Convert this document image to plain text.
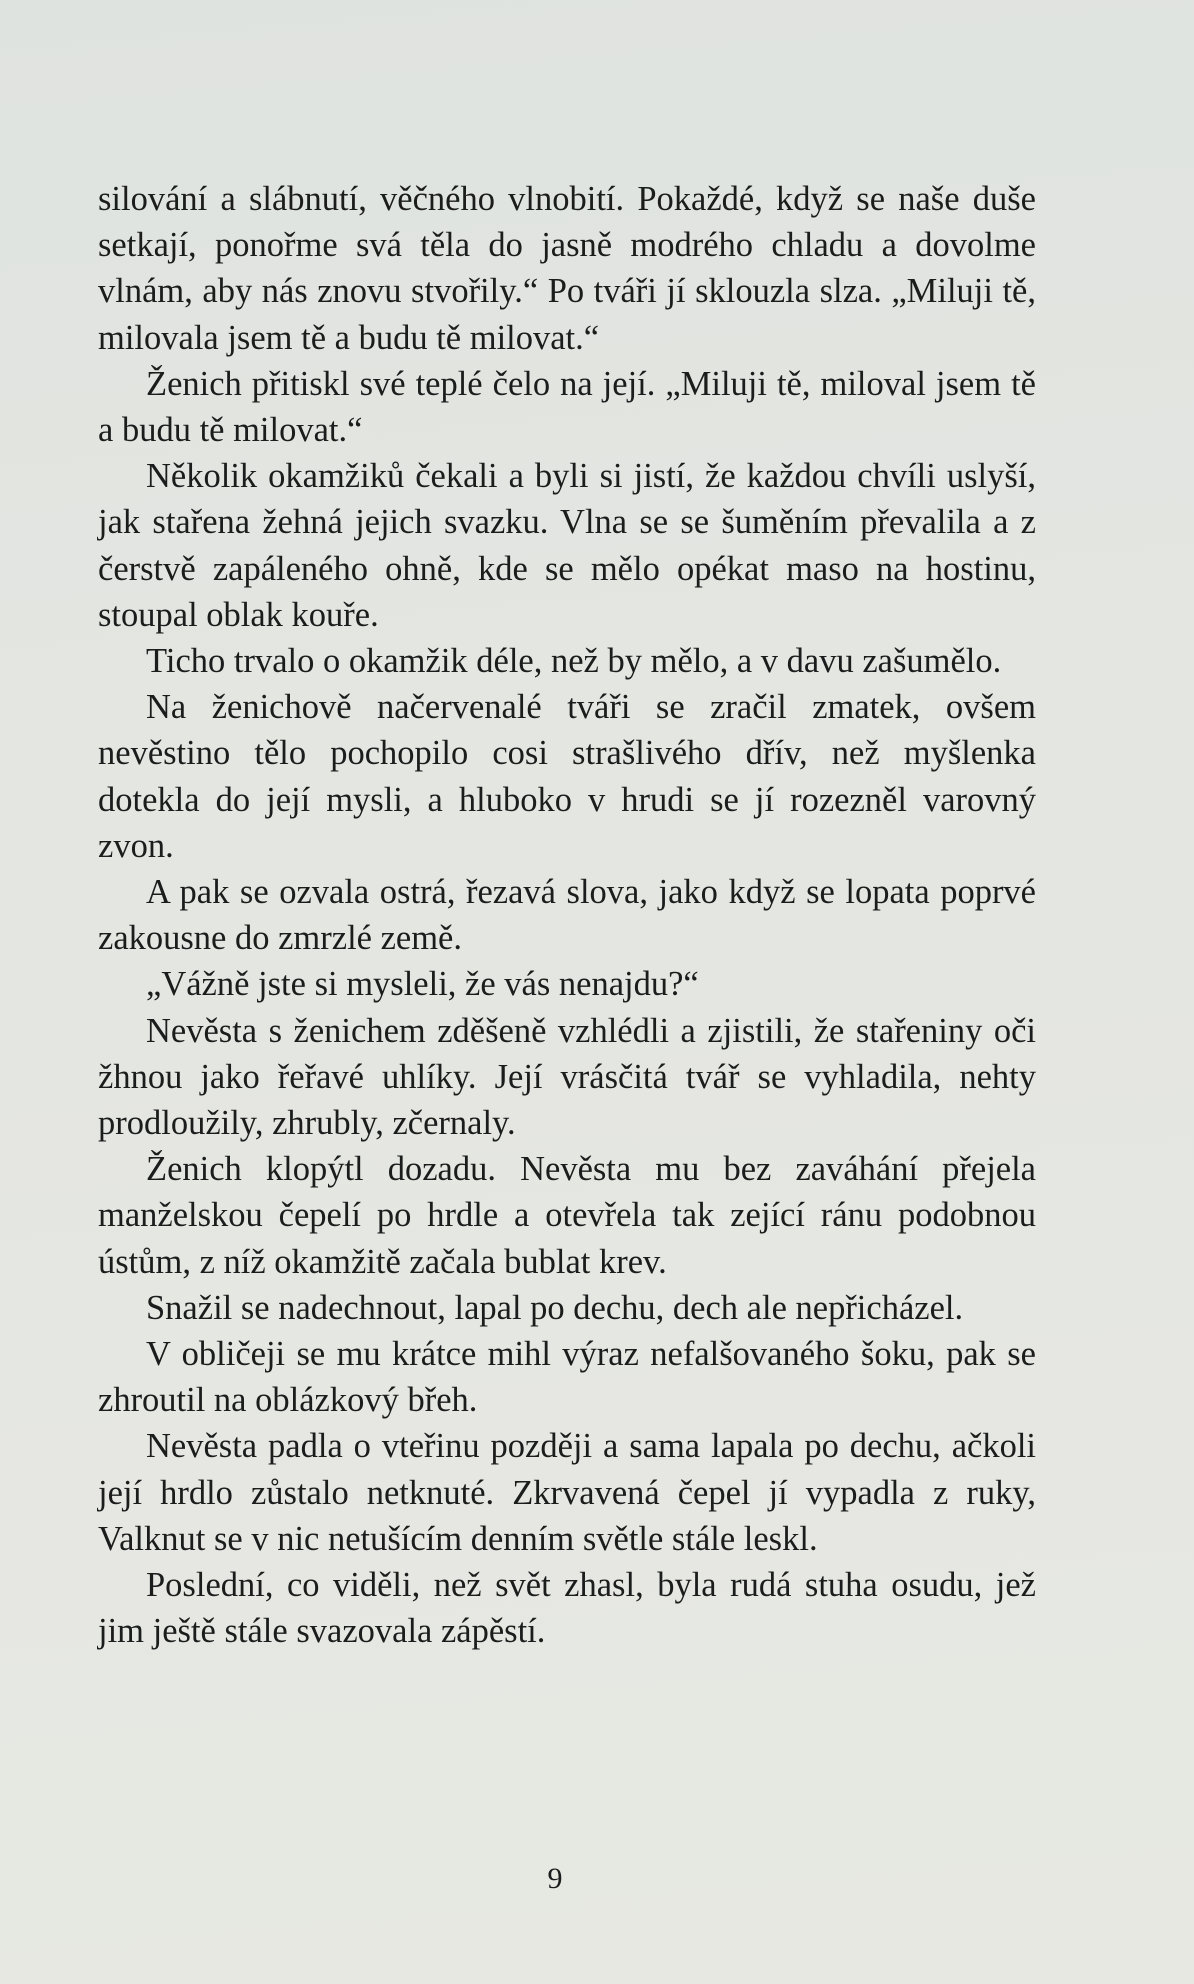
silování a slábnutí, věčného vlnobití. Pokaždé, když se naše duše setkají, ponořme svá těla do jasně modrého chladu a dovolme vlnám, aby nás znovu stvořily.“ Po tváři jí sklouzla slza. „Miluji tě, milovala jsem tě a budu tě milovat.“

Ženich přitiskl své teplé čelo na její. „Miluji tě, miloval jsem tě a budu tě milovat.“

Několik okamžiků čekali a byli si jistí, že každou chvíli uslyší, jak stařena žehná jejich svazku. Vlna se se šuměním převalila a z čerstvě zapáleného ohně, kde se mělo opékat maso na hostinu, stoupal oblak kouře.

Ticho trvalo o okamžik déle, než by mělo, a v davu zašumělo.

Na ženichově načervenalé tváři se zračil zmatek, ovšem nevěstino tělo pochopilo cosi strašlivého dřív, než myšlenka dotekla do její mysli, a hluboko v hrudi se jí rozezněl varovný zvon.

A pak se ozvala ostrá, řezavá slova, jako když se lopata poprvé zakousne do zmrzlé země.

„Vážně jste si mysleli, že vás nenajdu?“

Nevěsta s ženichem zděšeně vzhlédli a zjistili, že stařeniny oči žhnou jako řeřavé uhlíky. Její vrásčitá tvář se vyhladila, nehty prodloužily, zhrubly, zčernaly.

Ženich klopýtl dozadu. Nevěsta mu bez zaváhání přejela manželskou čepelí po hrdle a otevřela tak zející ránu podobnou ústům, z níž okamžitě začala bublat krev.

Snažil se nadechnout, lapal po dechu, dech ale nepřicházel.

V obličeji se mu krátce mihl výraz nefalšovaného šoku, pak se zhroutil na oblázkový břeh.

Nevěsta padla o vteřinu později a sama lapala po dechu, ačkoli její hrdlo zůstalo netknuté. Zkrvavená čepel jí vypadla z ruky, Valknut se v nic netušícím denním světle stále leskl.

Poslední, co viděli, než svět zhasl, byla rudá stuha osudu, jež jim ještě stále svazovala zápěstí.

9
